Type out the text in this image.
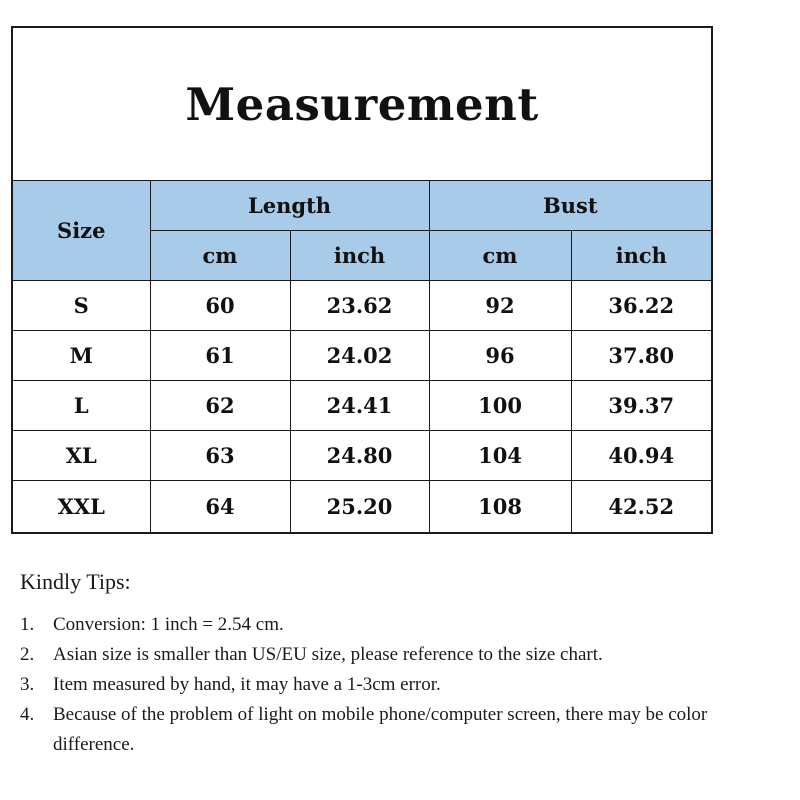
Measurement
Size	Length		Bust	
	cm	inch	cm	inch
S	60	23.62	92	36.22
M	61	24.02	96	37.80
L	62	24.41	100	39.37
XL	63	24.80	104	40.94
XXL	64	25.20	108	42.52
Kindly Tips:
1. Conversion: 1 inch = 2.54 cm.
2. Asian size is smaller than US/EU size, please reference to the size chart.
3. Item measured by hand, it may have a 1-3cm error.
4. Because of the problem of light on mobile phone/computer screen, there may be color difference.
